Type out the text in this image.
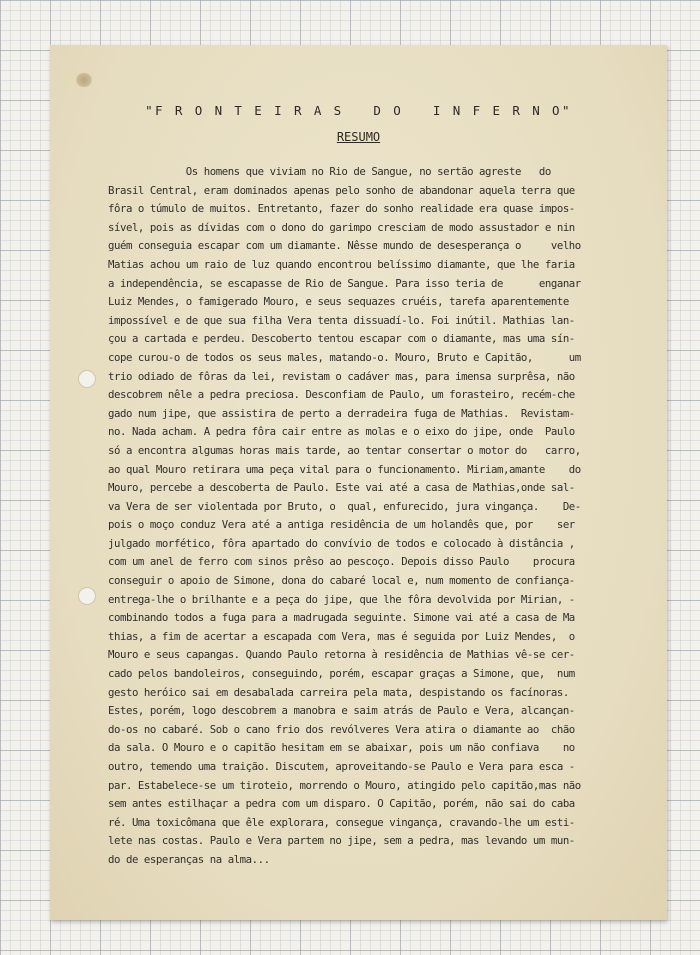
"F R O N T E I R A S   D O   I N F E R N O"
RESUMO
Os homens que viviam no Rio de Sangue, no sertão agreste   do
Brasil Central, eram dominados apenas pelo sonho de abandonar aquela terra que
fôra o túmulo de muitos. Entretanto, fazer do sonho realidade era quase impos-
sível, pois as dívidas com o dono do garimpo cresciam de modo assustador e nin
guém conseguia escapar com um diamante. Nêsse mundo de desesperança o     velho
Matias achou um raio de luz quando encontrou belíssimo diamante, que lhe faria
a independência, se escapasse de Rio de Sangue. Para isso teria de      enganar
Luiz Mendes, o famigerado Mouro, e seus sequazes cruéis, tarefa aparentemente
impossível e de que sua filha Vera tenta dissuadí-lo. Foi inútil. Mathias lan-
çou a cartada e perdeu. Descoberto tentou escapar com o diamante, mas uma sín-
cope curou-o de todos os seus males, matando-o. Mouro, Bruto e Capitão,      um
trio odiado de fôras da lei, revistam o cadáver mas, para imensa surprêsa, não
descobrem nêle a pedra preciosa. Desconfiam de Paulo, um forasteiro, recém-che
gado num jipe, que assistira de perto a derradeira fuga de Mathias.  Revistam-
no. Nada acham. A pedra fôra cair entre as molas e o eixo do jipe, onde  Paulo
só a encontra algumas horas mais tarde, ao tentar consertar o motor do   carro,
ao qual Mouro retirara uma peça vital para o funcionamento. Miriam,amante    do
Mouro, percebe a descoberta de Paulo. Este vai até a casa de Mathias,onde sal-
va Vera de ser violentada por Bruto, o  qual, enfurecido, jura vingança.    De-
pois o moço conduz Vera até a antiga residência de um holandês que, por    ser
julgado morfético, fôra apartado do convívio de todos e colocado à distância ,
com um anel de ferro com sinos prêso ao pescoço. Depois disso Paulo    procura
conseguir o apoio de Simone, dona do cabaré local e, num momento de confiança-
entrega-lhe o brilhante e a peça do jipe, que lhe fôra devolvida por Mirian, -
combinando todos a fuga para a madrugada seguinte. Simone vai até a casa de Ma
thias, a fim de acertar a escapada com Vera, mas é seguida por Luiz Mendes,  o
Mouro e seus capangas. Quando Paulo retorna à residência de Mathias vê-se cer-
cado pelos bandoleiros, conseguindo, porém, escapar graças a Simone, que,  num
gesto heróico sai em desabalada carreira pela mata, despistando os facínoras.
Estes, porém, logo descobrem a manobra e saim atrás de Paulo e Vera, alcançan-
do-os no cabaré. Sob o cano frio dos revólveres Vera atira o diamante ao  chão
da sala. O Mouro e o capitão hesitam em se abaixar, pois um não confiava    no
outro, temendo uma traição. Discutem, aproveitando-se Paulo e Vera para esca -
par. Estabelece-se um tiroteio, morrendo o Mouro, atingido pelo capitão,mas não
sem antes estilhaçar a pedra com um disparo. O Capitão, porém, não sai do caba
ré. Uma toxicômana que êle explorara, consegue vingança, cravando-lhe um esti-
lete nas costas. Paulo e Vera partem no jipe, sem a pedra, mas levando um mun-
do de esperanças na alma...
